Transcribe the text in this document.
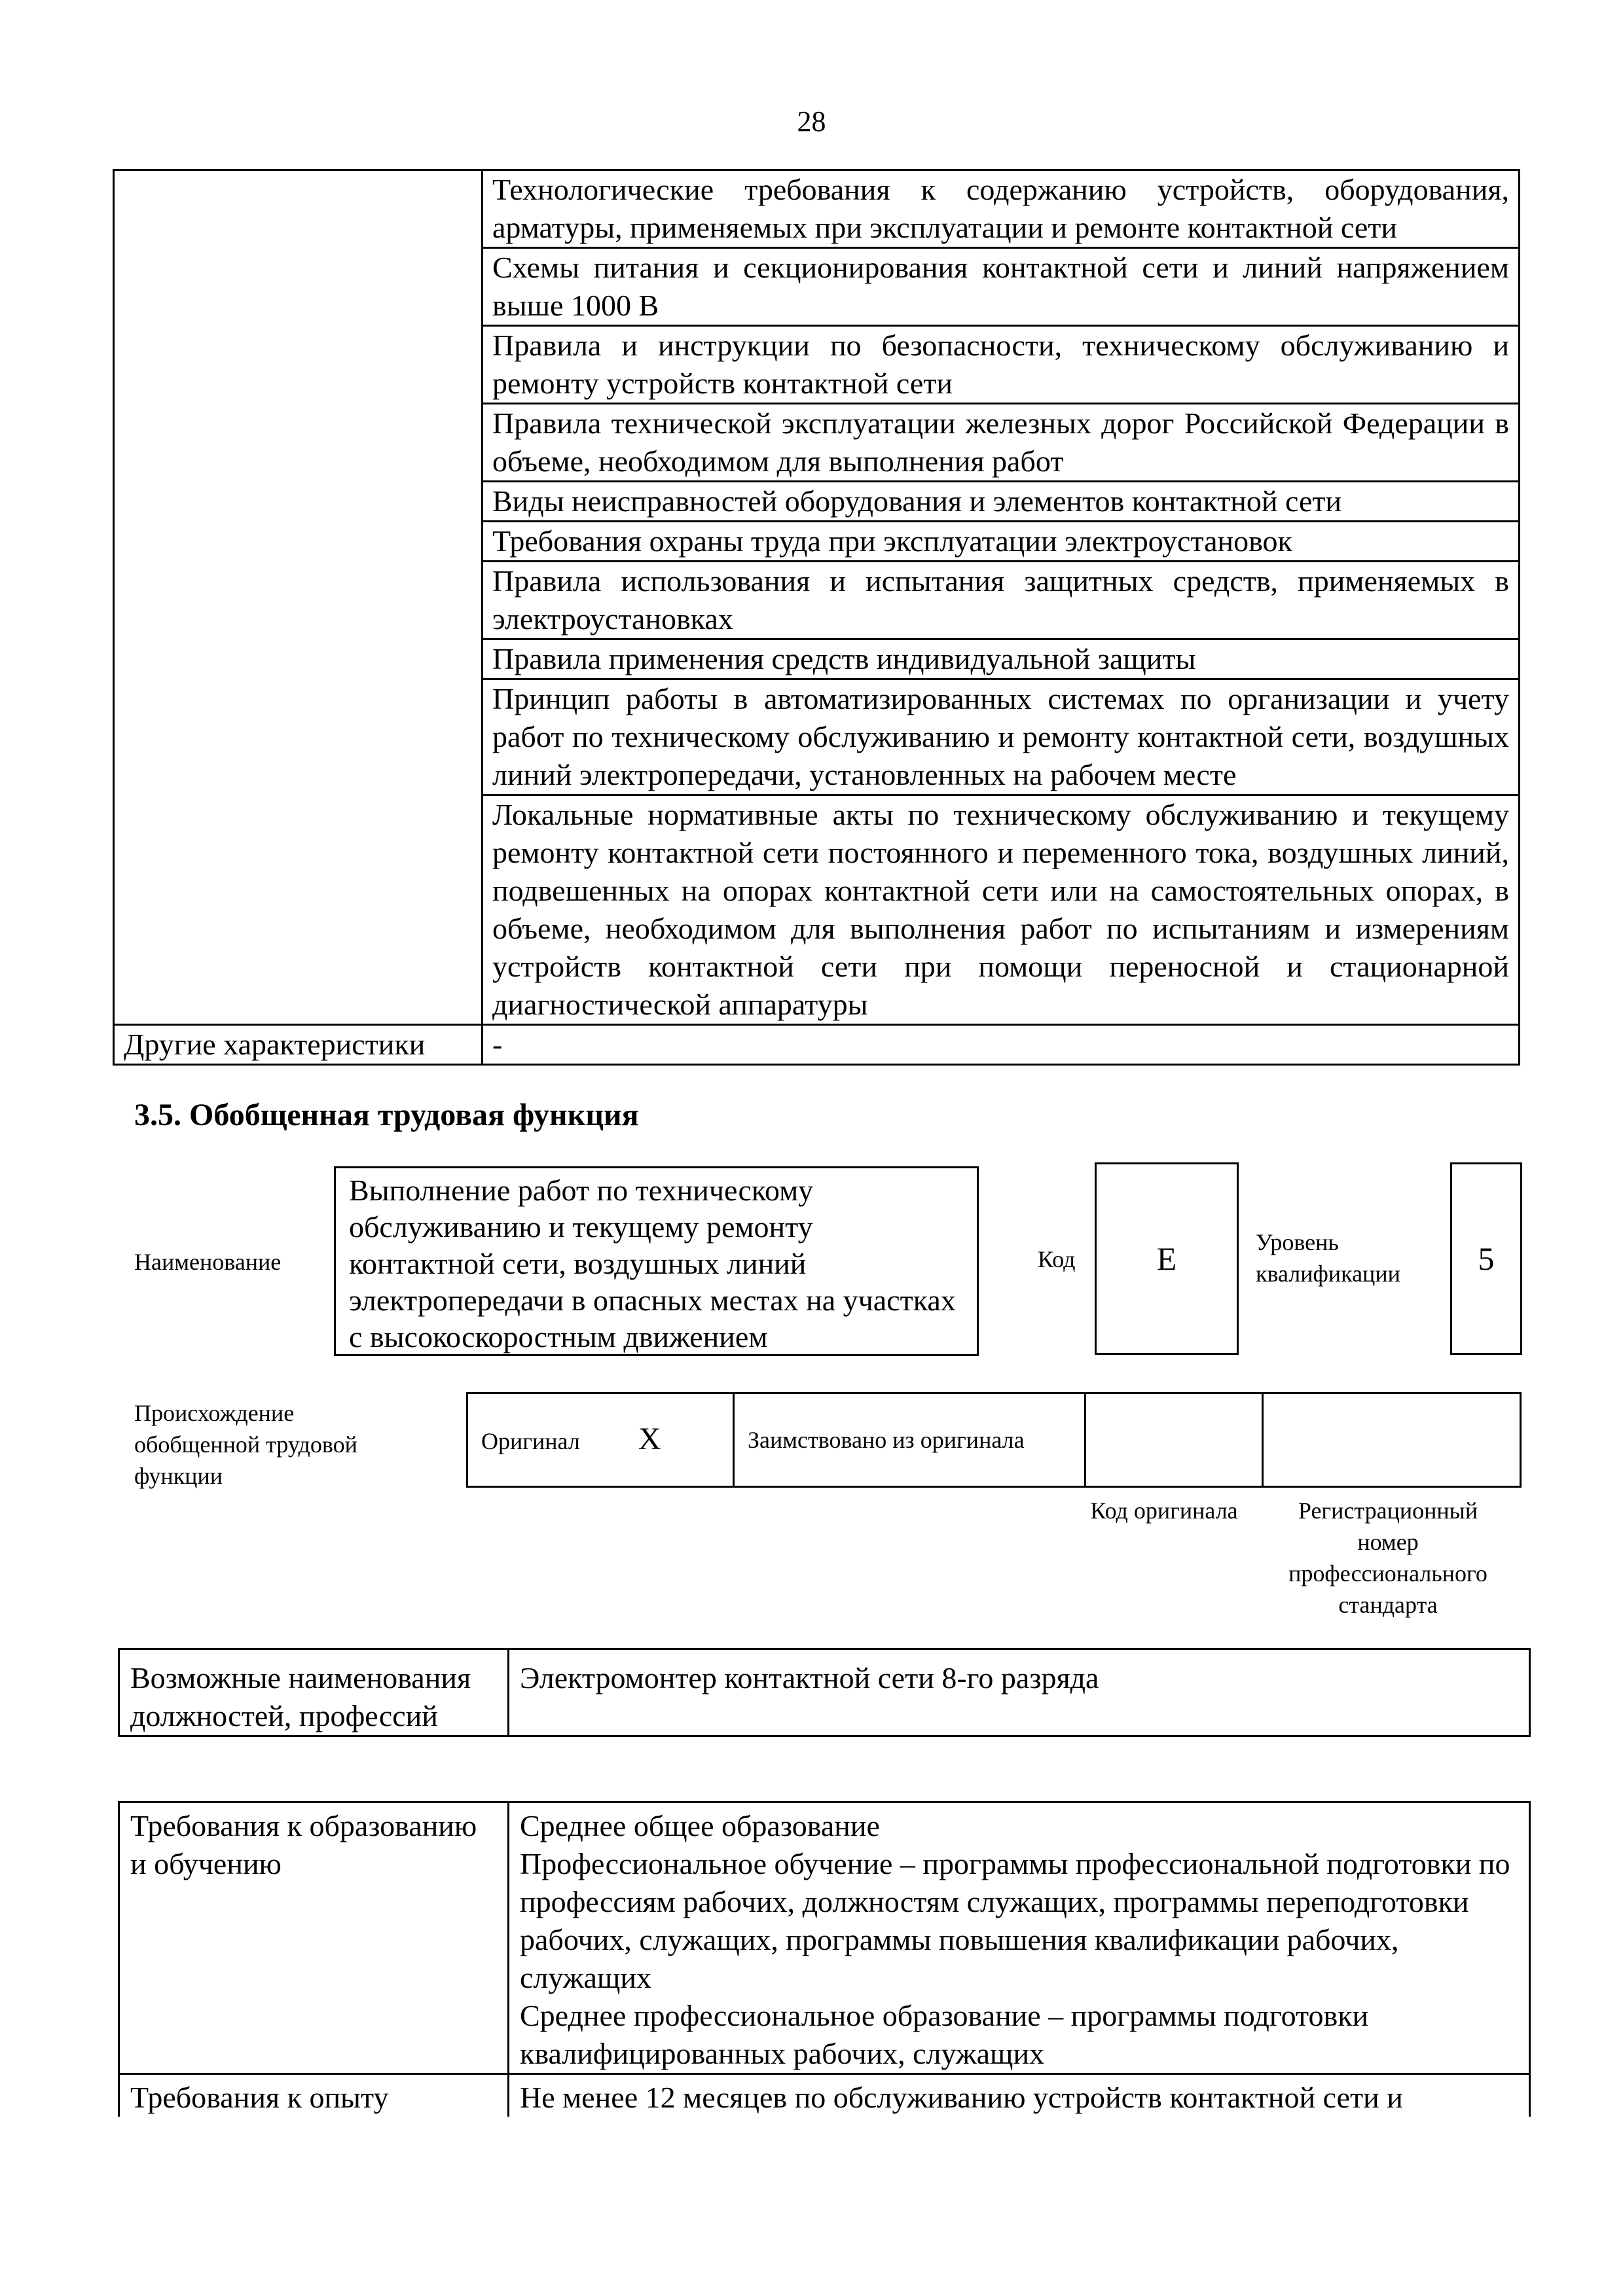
28
	Технологические требования к содержанию устройств, оборудования, арматуры, применяемых при эксплуатации и ремонте контактной сети
	Схемы питания и секционирования контактной сети и линий напряжением выше 1000 В
	Правила и инструкции по безопасности, техническому обслуживанию и ремонту устройств контактной сети
	Правила технической эксплуатации железных дорог Российской Федерации в объеме, необходимом для выполнения работ
	Виды неисправностей оборудования и элементов контактной сети
	Требования охраны труда при эксплуатации электроустановок
	Правила использования и испытания защитных средств, применяемых в электроустановках
	Правила применения средств индивидуальной защиты
	Принцип работы в автоматизированных системах по организации и учету работ по техническому обслуживанию и ремонту контактной сети, воздушных линий электропередачи, установленных на рабочем месте
	Локальные нормативные акты по техническому обслуживанию и текущему ремонту контактной сети постоянного и переменного тока, воздушных линий, подвешенных на опорах контактной сети или на самостоятельных опорах, в объеме, необходимом для выполнения работ по испытаниям и измерениям устройств контактной сети при помощи переносной и стационарной диагностической аппаратуры
Другие характеристики	-
3.5. Обобщенная трудовая функция
Наименование
Выполнение работ по техническому обслуживанию и текущему ремонту контактной сети, воздушных линий электропередачи в опасных местах на участках с высокоскоростным движением
Код	E	Уровень квалификации	5
Происхождение обобщенной трудовой функции
Оригинал X	Заимствовано из оригинала		
Код оригинала	Регистрационный номер профессионального стандарта
Возможные наименования должностей, профессий	Электромонтер контактной сети 8-го разряда
Требования к образованию и обучению	Среднее общее образование
Профессиональное обучение – программы профессиональной подготовки по профессиям рабочих, должностям служащих, программы переподготовки рабочих, служащих, программы повышения квалификации рабочих, служащих
Среднее профессиональное образование – программы подготовки квалифицированных рабочих, служащих

Требования к опыту	Не менее 12 месяцев по обслуживанию устройств контактной сети и
